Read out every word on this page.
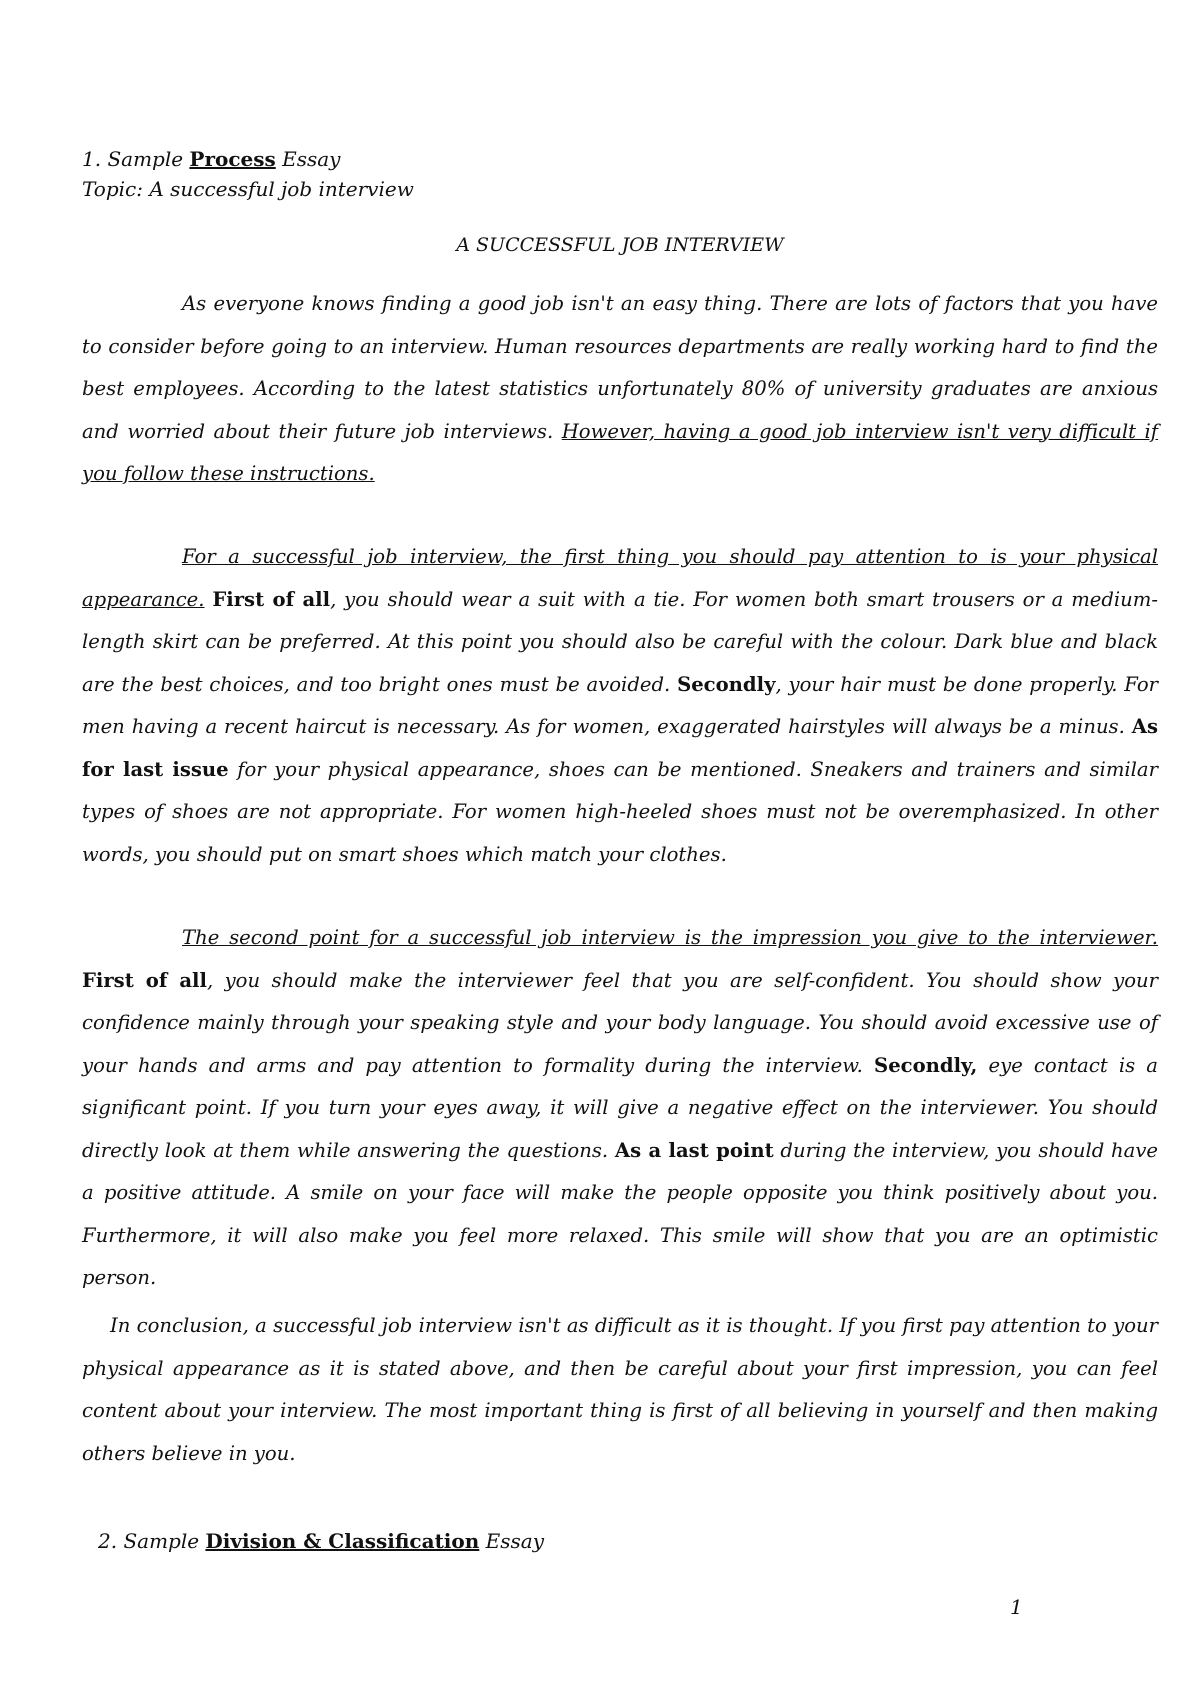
1. Sample Process Essay
Topic: A successful job interview
A SUCCESSFUL JOB INTERVIEW
As everyone knows finding a good job isn't an easy thing. There are lots of factors that you have to consider before going to an interview. Human resources departments are really working hard to find the best employees. According to the latest statistics unfortunately 80% of university graduates are anxious and worried about their future job interviews. However, having a good job interview isn't very difficult if you follow these instructions.
For a successful job interview, the first thing you should pay attention to is your physical appearance. First of all, you should wear a suit with a tie. For women both smart trousers or a medium-length skirt can be preferred. At this point you should also be careful with the colour. Dark blue and black are the best choices, and too bright ones must be avoided. Secondly, your hair must be done properly. For men having a recent haircut is necessary. As for women, exaggerated hairstyles will always be a minus. As for last issue for your physical appearance, shoes can be mentioned. Sneakers and trainers and similar types of shoes are not appropriate. For women high-heeled shoes must not be overemphasized. In other words, you should put on smart shoes which match your clothes.
The second point for a successful job interview is the impression you give to the interviewer. First of all, you should make the interviewer feel that you are self-confident. You should show your confidence mainly through your speaking style and your body language. You should avoid excessive use of your hands and arms and pay attention to formality during the interview. Secondly, eye contact is a significant point. If you turn your eyes away, it will give a negative effect on the interviewer. You should directly look at them while answering the questions. As a last point during the interview, you should have a positive attitude. A smile on your face will make the people opposite you think positively about you. Furthermore, it will also make you feel more relaxed. This smile will show that you are an optimistic person.
In conclusion, a successful job interview isn't as difficult as it is thought. If you first pay attention to your physical appearance as it is stated above, and then be careful about your first impression, you can feel content about your interview. The most important thing is first of all believing in yourself and then making others believe in you.
2. Sample Division & Classification Essay
1
